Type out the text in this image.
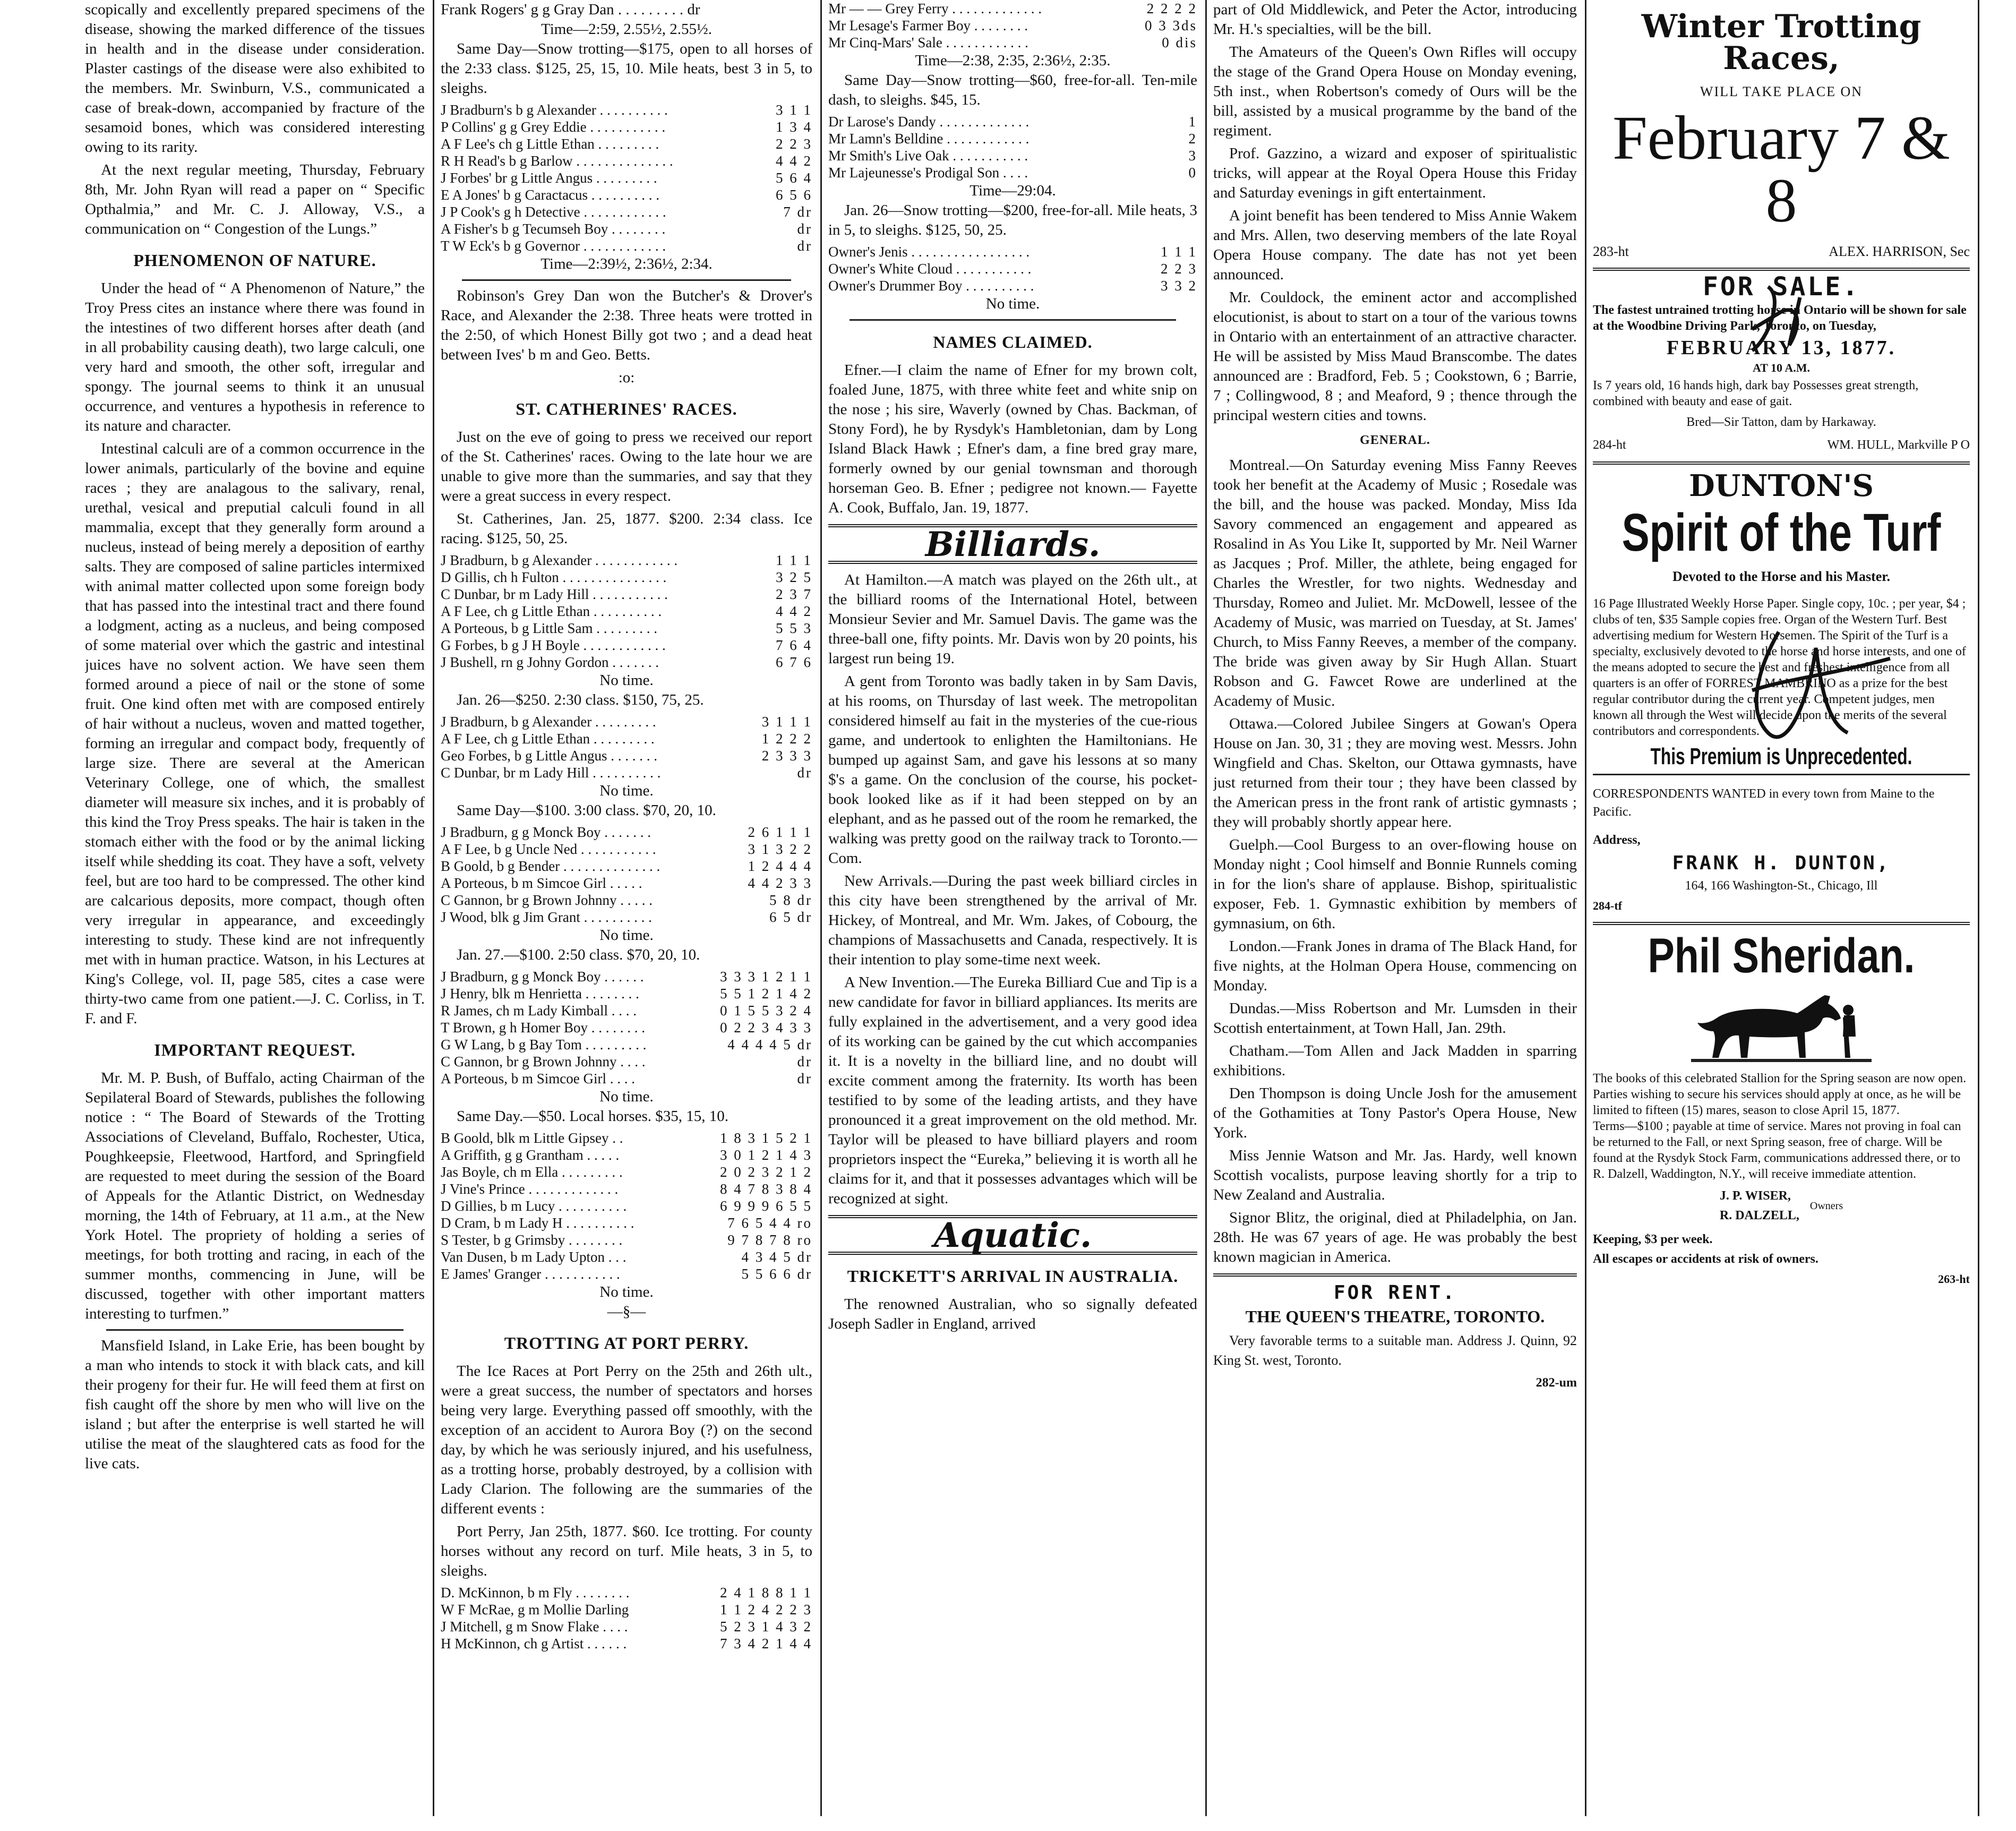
scopically and excellently prepared specimens of the disease, showing the marked difference of the tissues in health and in the disease under consideration. Plaster castings of the disease were also exhibited to the members. Mr. Swinburn, V.S., communicated a case of break-down, accompanied by fracture of the sesamoid bones, which was considered interesting owing to its rarity.

At the next regular meeting, Thursday, February 8th, Mr. John Ryan will read a paper on “ Specific Opthalmia,” and Mr. C. J. Alloway, V.S., a communication on “ Congestion of the Lungs.”

PHENOMENON OF NATURE.

Under the head of “ A Phenomenon of Nature,” the Troy Press cites an instance where there was found in the intestines of two different horses after death (and in all probability causing death), two large calculi, one very hard and smooth, the other soft, irregular and spongy. The journal seems to think it an unusual occurrence, and ventures a hypothesis in reference to its nature and character.

Intestinal calculi are of a common occurrence in the lower animals, particularly of the bovine and equine races ; they are analagous to the salivary, renal, urethal, vesical and preputial calculi found in all mammalia, except that they generally form around a nucleus, instead of being merely a deposition of earthy salts. They are composed of saline particles intermixed with animal matter collected upon some foreign body that has passed into the intestinal tract and there found a lodgment, acting as a nucleus, and being composed of some material over which the gastric and intestinal juices have no solvent action. We have seen them formed around a piece of nail or the stone of some fruit. One kind often met with are composed entirely of hair without a nucleus, woven and matted together, forming an irregular and compact body, frequently of large size. There are several at the American Veterinary College, one of which, the smallest diameter will measure six inches, and it is probably of this kind the Troy Press speaks. The hair is taken in the stomach either with the food or by the animal licking itself while shedding its coat. They have a soft, velvety feel, but are too hard to be compressed. The other kind are calcarious deposits, more compact, though often very irregular in appearance, and exceedingly interesting to study. These kind are not infrequently met with in human practice. Watson, in his Lectures at King's College, vol. II, page 585, cites a case were thirty-two came from one patient.—J. C. Corliss, in T. F. and F.

IMPORTANT REQUEST.

Mr. M. P. Bush, of Buffalo, acting Chairman of the Sepilateral Board of Stewards, publishes the following notice : “ The Board of Stewards of the Trotting Associations of Cleveland, Buffalo, Rochester, Utica, Poughkeepsie, Fleetwood, Hartford, and Springfield are requested to meet during the session of the Board of Appeals for the Atlantic District, on Wednesday morning, the 14th of February, at 11 a.m., at the New York Hotel. The propriety of holding a series of meetings, for both trotting and racing, in each of the summer months, commencing in June, will be discussed, together with other important matters interesting to turfmen.”

Mansfield Island, in Lake Erie, has been bought by a man who intends to stock it with black cats, and kill their progeny for their fur. He will feed them at first on fish caught off the shore by men who will live on the island ; but after the enterprise is well started he will utilise the meat of the slaughtered cats as food for the live cats.

Frank Rogers' g g Gray Dan . . . . . . . . . dr
Time—2:59, 2.55½, 2.55½.

Same Day—Snow trotting—$175, open to all horses of the 2:33 class. $125, 25, 15, 10. Mile heats, best 3 in 5, to sleighs.

J Bradburn's b g Alexander . . . . . . . . . .	3 1 1
P Collins' g g Grey Eddie . . . . . . . . . . .	1 3 4
A F Lee's ch g Little Ethan . . . . . . . . .	2 2 3
R H Read's b g Barlow . . . . . . . . . . . . . .	4 4 2
J Forbes' br g Little Angus . . . . . . . . .	5 6 4
E A Jones' b g Caractacus . . . . . . . . . .	6 5 6
J P Cook's g h Detective . . . . . . . . . . . .	7 dr
A Fisher's b g Tecumseh Boy . . . . . . . .	dr
T W Eck's b g Governor . . . . . . . . . . . .	dr
Time—2:39½, 2:36½, 2:34.

Robinson's Grey Dan won the Butcher's & Drover's Race, and Alexander the 2:38. Three heats were trotted in the 2:50, of which Honest Billy got two ; and a dead heat between Ives' b m and Geo. Betts.

:o:
ST. CATHERINES' RACES.

Just on the eve of going to press we received our report of the St. Catherines' races. Owing to the late hour we are unable to give more than the summaries, and say that they were a great success in every respect.

St. Catherines, Jan. 25, 1877. $200. 2:34 class. Ice racing. $125, 50, 25.

J Bradburn, b g Alexander . . . . . . . . . . . .	1 1 1
D Gillis, ch h Fulton . . . . . . . . . . . . . . .	3 2 5
C Dunbar, br m Lady Hill . . . . . . . . . . .	2 3 7
A F Lee, ch g Little Ethan . . . . . . . . . .	4 4 2
A Porteous, b g Little Sam . . . . . . . . .	5 5 3
G Forbes, b g J H Boyle . . . . . . . . . . . .	7 6 4
J Bushell, rn g Johny Gordon . . . . . . .	6 7 6
No time.

Jan. 26—$250. 2:30 class. $150, 75, 25.

J Bradburn, b g Alexander . . . . . . . . .	3 1 1 1
A F Lee, ch g Little Ethan . . . . . . . . .	1 2 2 2
Geo Forbes, b g Little Angus . . . . . . .	2 3 3 3
C Dunbar, br m Lady Hill . . . . . . . . . .	dr
No time.

Same Day—$100. 3:00 class. $70, 20, 10.

J Bradburn, g g Monck Boy . . . . . . .	2 6 1 1 1
A F Lee, b g Uncle Ned . . . . . . . . . . .	3 1 3 2 2
B Goold, b g Bender . . . . . . . . . . . . . .	1 2 4 4 4
A Porteous, b m Simcoe Girl . . . . .	4 4 2 3 3
C Gannon, br g Brown Johnny . . . . .	5 8 dr
J Wood, blk g Jim Grant . . . . . . . . . .	6 5 dr
No time.

Jan. 27.—$100. 2:50 class. $70, 20, 10.

J Bradburn, g g Monck Boy . . . . . .	3 3 3 1 2 1 1
J Henry, blk m Henrietta . . . . . . . .	5 5 1 2 1 4 2
R James, ch m Lady Kimball . . . .	0 1 5 5 3 2 4
T Brown, g h Homer Boy . . . . . . . .	0 2 2 3 4 3 3
G W Lang, b g Bay Tom . . . . . . . . .	4 4 4 4 5 dr
C Gannon, br g Brown Johnny . . . .	dr
A Porteous, b m Simcoe Girl . . . .	dr
No time.

Same Day.—$50. Local horses. $35, 15, 10.

B Goold, blk m Little Gipsey . .	1 8 3 1 5 2 1
A Griffith, g g Grantham . . . . .	3 0 1 2 1 4 3
Jas Boyle, ch m Ella . . . . . . . . .	2 0 2 3 2 1 2
J Vine's Prince . . . . . . . . . . . . .	8 4 7 8 3 8 4
D Gillies, b m Lucy . . . . . . . . . .	6 9 9 9 6 5 5
D Cram, b m Lady H . . . . . . . . . .	7 6 5 4 4 ro
S Tester, b g Grimsby . . . . . . . .	9 7 8 7 8 ro
Van Dusen, b m Lady Upton . . .	4 3 4 5 dr
E James' Granger . . . . . . . . . . .	5 5 6 6 dr
No time.
—§—
TROTTING AT PORT PERRY.

The Ice Races at Port Perry on the 25th and 26th ult., were a great success, the number of spectators and horses being very large. Everything passed off smoothly, with the exception of an accident to Aurora Boy (?) on the second day, by which he was seriously injured, and his usefulness, as a trotting horse, probably destroyed, by a collision with Lady Clarion. The following are the summaries of the different events :

Port Perry, Jan 25th, 1877. $60. Ice trotting. For county horses without any record on turf. Mile heats, 3 in 5, to sleighs.

D. McKinnon, b m Fly . . . . . . . .	2 4 1 8 8 1 1
W F McRae, g m Mollie Darling	1 1 2 4 2 2 3
J Mitchell, g m Snow Flake . . . .	5 2 3 1 4 3 2
H McKinnon, ch g Artist . . . . . .	7 3 4 2 1 4 4
Mr — — Grey Ferry . . . . . . . . . . . . .	2 2 2 2
Mr Lesage's Farmer Boy . . . . . . . .	0 3 3ds
Mr Cinq-Mars' Sale . . . . . . . . . . . .	0 dis
Time—2:38, 2:35, 2:36½, 2:35.

Same Day—Snow trotting—$60, free-for-all. Ten-mile dash, to sleighs. $45, 15.

Dr Larose's Dandy . . . . . . . . . . . . .	1
Mr Lamn's Belldine . . . . . . . . . . . .	2
Mr Smith's Live Oak . . . . . . . . . . .	3
Mr Lajeunesse's Prodigal Son . . . .	0
Time—29:04.

Jan. 26—Snow trotting—$200, free-for-all. Mile heats, 3 in 5, to sleighs. $125, 50, 25.

Owner's Jenis . . . . . . . . . . . . . . . . .	1 1 1
Owner's White Cloud . . . . . . . . . . .	2 2 3
Owner's Drummer Boy . . . . . . . . . .	3 3 2
No time.
NAMES CLAIMED.

Efner.—I claim the name of Efner for my brown colt, foaled June, 1875, with three white feet and white snip on the nose ; his sire, Waverly (owned by Chas. Backman, of Stony Ford), he by Rysdyk's Hambletonian, dam by Long Island Black Hawk ; Efner's dam, a fine bred gray mare, formerly owned by our genial townsman and thorough horseman Geo. B. Efner ; pedigree not known.— Fayette A. Cook, Buffalo, Jan. 19, 1877.

Billiards.

At Hamilton.—A match was played on the 26th ult., at the billiard rooms of the International Hotel, between Monsieur Sevier and Mr. Samuel Davis. The game was the three-ball one, fifty points. Mr. Davis won by 20 points, his largest run being 19.

A gent from Toronto was badly taken in by Sam Davis, at his rooms, on Thursday of last week. The metropolitan considered himself au fait in the mysteries of the cue-rious game, and undertook to enlighten the Hamiltonians. He bumped up against Sam, and gave his lessons at so many $'s a game. On the conclusion of the course, his pocket-book looked like as if it had been stepped on by an elephant, and as he passed out of the room he remarked, the walking was pretty good on the railway track to Toronto.—Com.

New Arrivals.—During the past week billiard circles in this city have been strengthened by the arrival of Mr. Hickey, of Montreal, and Mr. Wm. Jakes, of Cobourg, the champions of Massachusetts and Canada, respectively. It is their intention to play some-time next week.

A New Invention.—The Eureka Billiard Cue and Tip is a new candidate for favor in billiard appliances. Its merits are fully explained in the advertisement, and a very good idea of its working can be gained by the cut which accompanies it. It is a novelty in the billiard line, and no doubt will excite comment among the fraternity. Its worth has been testified to by some of the leading artists, and they have pronounced it a great improvement on the old method. Mr. Taylor will be pleased to have billiard players and room proprietors inspect the “Eureka,” believing it is worth all he claims for it, and that it possesses advantages which will be recognized at sight.

Aquatic.
TRICKETT'S ARRIVAL IN AUSTRALIA.

The renowned Australian, who so signally defeated Joseph Sadler in England, arrived

part of Old Middlewick, and Peter the Actor, introducing Mr. H.'s specialties, will be the bill.

The Amateurs of the Queen's Own Rifles will occupy the stage of the Grand Opera House on Monday evening, 5th inst., when Robertson's comedy of Ours will be the bill, assisted by a musical programme by the band of the regiment.

Prof. Gazzino, a wizard and exposer of spiritualistic tricks, will appear at the Royal Opera House this Friday and Saturday evenings in gift entertainment.

A joint benefit has been tendered to Miss Annie Wakem and Mrs. Allen, two deserving members of the late Royal Opera House company. The date has not yet been announced.

Mr. Couldock, the eminent actor and accomplished elocutionist, is about to start on a tour of the various towns in Ontario with an entertainment of an attractive character. He will be assisted by Miss Maud Branscombe. The dates announced are : Bradford, Feb. 5 ; Cookstown, 6 ; Barrie, 7 ; Collingwood, 8 ; and Meaford, 9 ; thence through the principal western cities and towns.

GENERAL.

Montreal.—On Saturday evening Miss Fanny Reeves took her benefit at the Academy of Music ; Rosedale was the bill, and the house was packed. Monday, Miss Ida Savory commenced an engagement and appeared as Rosalind in As You Like It, supported by Mr. Neil Warner as Jacques ; Prof. Miller, the athlete, being engaged for Charles the Wrestler, for two nights. Wednesday and Thursday, Romeo and Juliet. Mr. McDowell, lessee of the Academy of Music, was married on Tuesday, at St. James' Church, to Miss Fanny Reeves, a member of the company. The bride was given away by Sir Hugh Allan. Stuart Robson and G. Fawcet Rowe are underlined at the Academy of Music.

Ottawa.—Colored Jubilee Singers at Gowan's Opera House on Jan. 30, 31 ; they are moving west. Messrs. John Wingfield and Chas. Skelton, our Ottawa gymnasts, have just returned from their tour ; they have been classed by the American press in the front rank of artistic gymnasts ; they will probably shortly appear here.

Guelph.—Cool Burgess to an over-flowing house on Monday night ; Cool himself and Bonnie Runnels coming in for the lion's share of applause. Bishop, spiritualistic exposer, Feb. 1. Gymnastic exhibition by members of gymnasium, on 6th.

London.—Frank Jones in drama of The Black Hand, for five nights, at the Holman Opera House, commencing on Monday.

Dundas.—Miss Robertson and Mr. Lumsden in their Scottish entertainment, at Town Hall, Jan. 29th.

Chatham.—Tom Allen and Jack Madden in sparring exhibitions.

Den Thompson is doing Uncle Josh for the amusement of the Gothamities at Tony Pastor's Opera House, New York.

Miss Jennie Watson and Mr. Jas. Hardy, well known Scottish vocalists, purpose leaving shortly for a trip to New Zealand and Australia.

Signor Blitz, the original, died at Philadelphia, on Jan. 28th. He was 67 years of age. He was probably the best known magician in America.

FOR RENT.
THE QUEEN'S THEATRE, TORONTO.

Very favorable terms to a suitable man. Address J. Quinn, 92 King St. west, Toronto.

282-um
Winter Trotting Races,
WILL TAKE PLACE ON
February 7 & 8
283-ht	ALEX. HARRISON, Sec
FOR SALE.
The fastest untrained trotting horse in Ontario will be shown for sale at the Woodbine Driving Park, Toronto, on Tuesday,
FEBRUARY 13, 1877.
AT 10 A.M.
Is 7 years old, 16 hands high, dark bay Possesses great strength, combined with beauty and ease of gait.
Bred—Sir Tatton, dam by Harkaway.
284-ht	WM. HULL, Markville P O
DUNTON'S
Spirit of the Turf
Devoted to the Horse and his Master.
16 Page Illustrated Weekly Horse Paper. Single copy, 10c. ; per year, $4 ; clubs of ten, $35 Sample copies free. Organ of the Western Turf. Best advertising medium for Western Horsemen. The Spirit of the Turf is a specialty, exclusively devoted to the horse and horse interests, and one of the means adopted to secure the best and freshest intelligence from all quarters is an offer of FORREST MAMBRINO as a prize for the best regular contributor during the current year. Competent judges, men known all through the West will decide upon the merits of the several contributors and correspondents.
This Premium is Unprecedented.
CORRESPONDENTS WANTED in every town from Maine to the Pacific.
Address,
FRANK H. DUNTON,
164, 166 Washington-St., Chicago, Ill
284-tf
Phil Sheridan.
The books of this celebrated Stallion for the Spring season are now open. Parties wishing to secure his services should apply at once, as he will be limited to fifteen (15) mares, season to close April 15, 1877.
Terms—$100 ; payable at time of service. Mares not proving in foal can be returned to the Fall, or next Spring season, free of charge. Will be found at the Rysdyk Stock Farm, communications addressed there, or to R. Dalzell, Waddington, N.Y., will receive immediate attention.
J. P. WISER,
R. DALZELL,
Owners
Keeping, $3 per week.
All escapes or accidents at risk of owners.
263-ht
